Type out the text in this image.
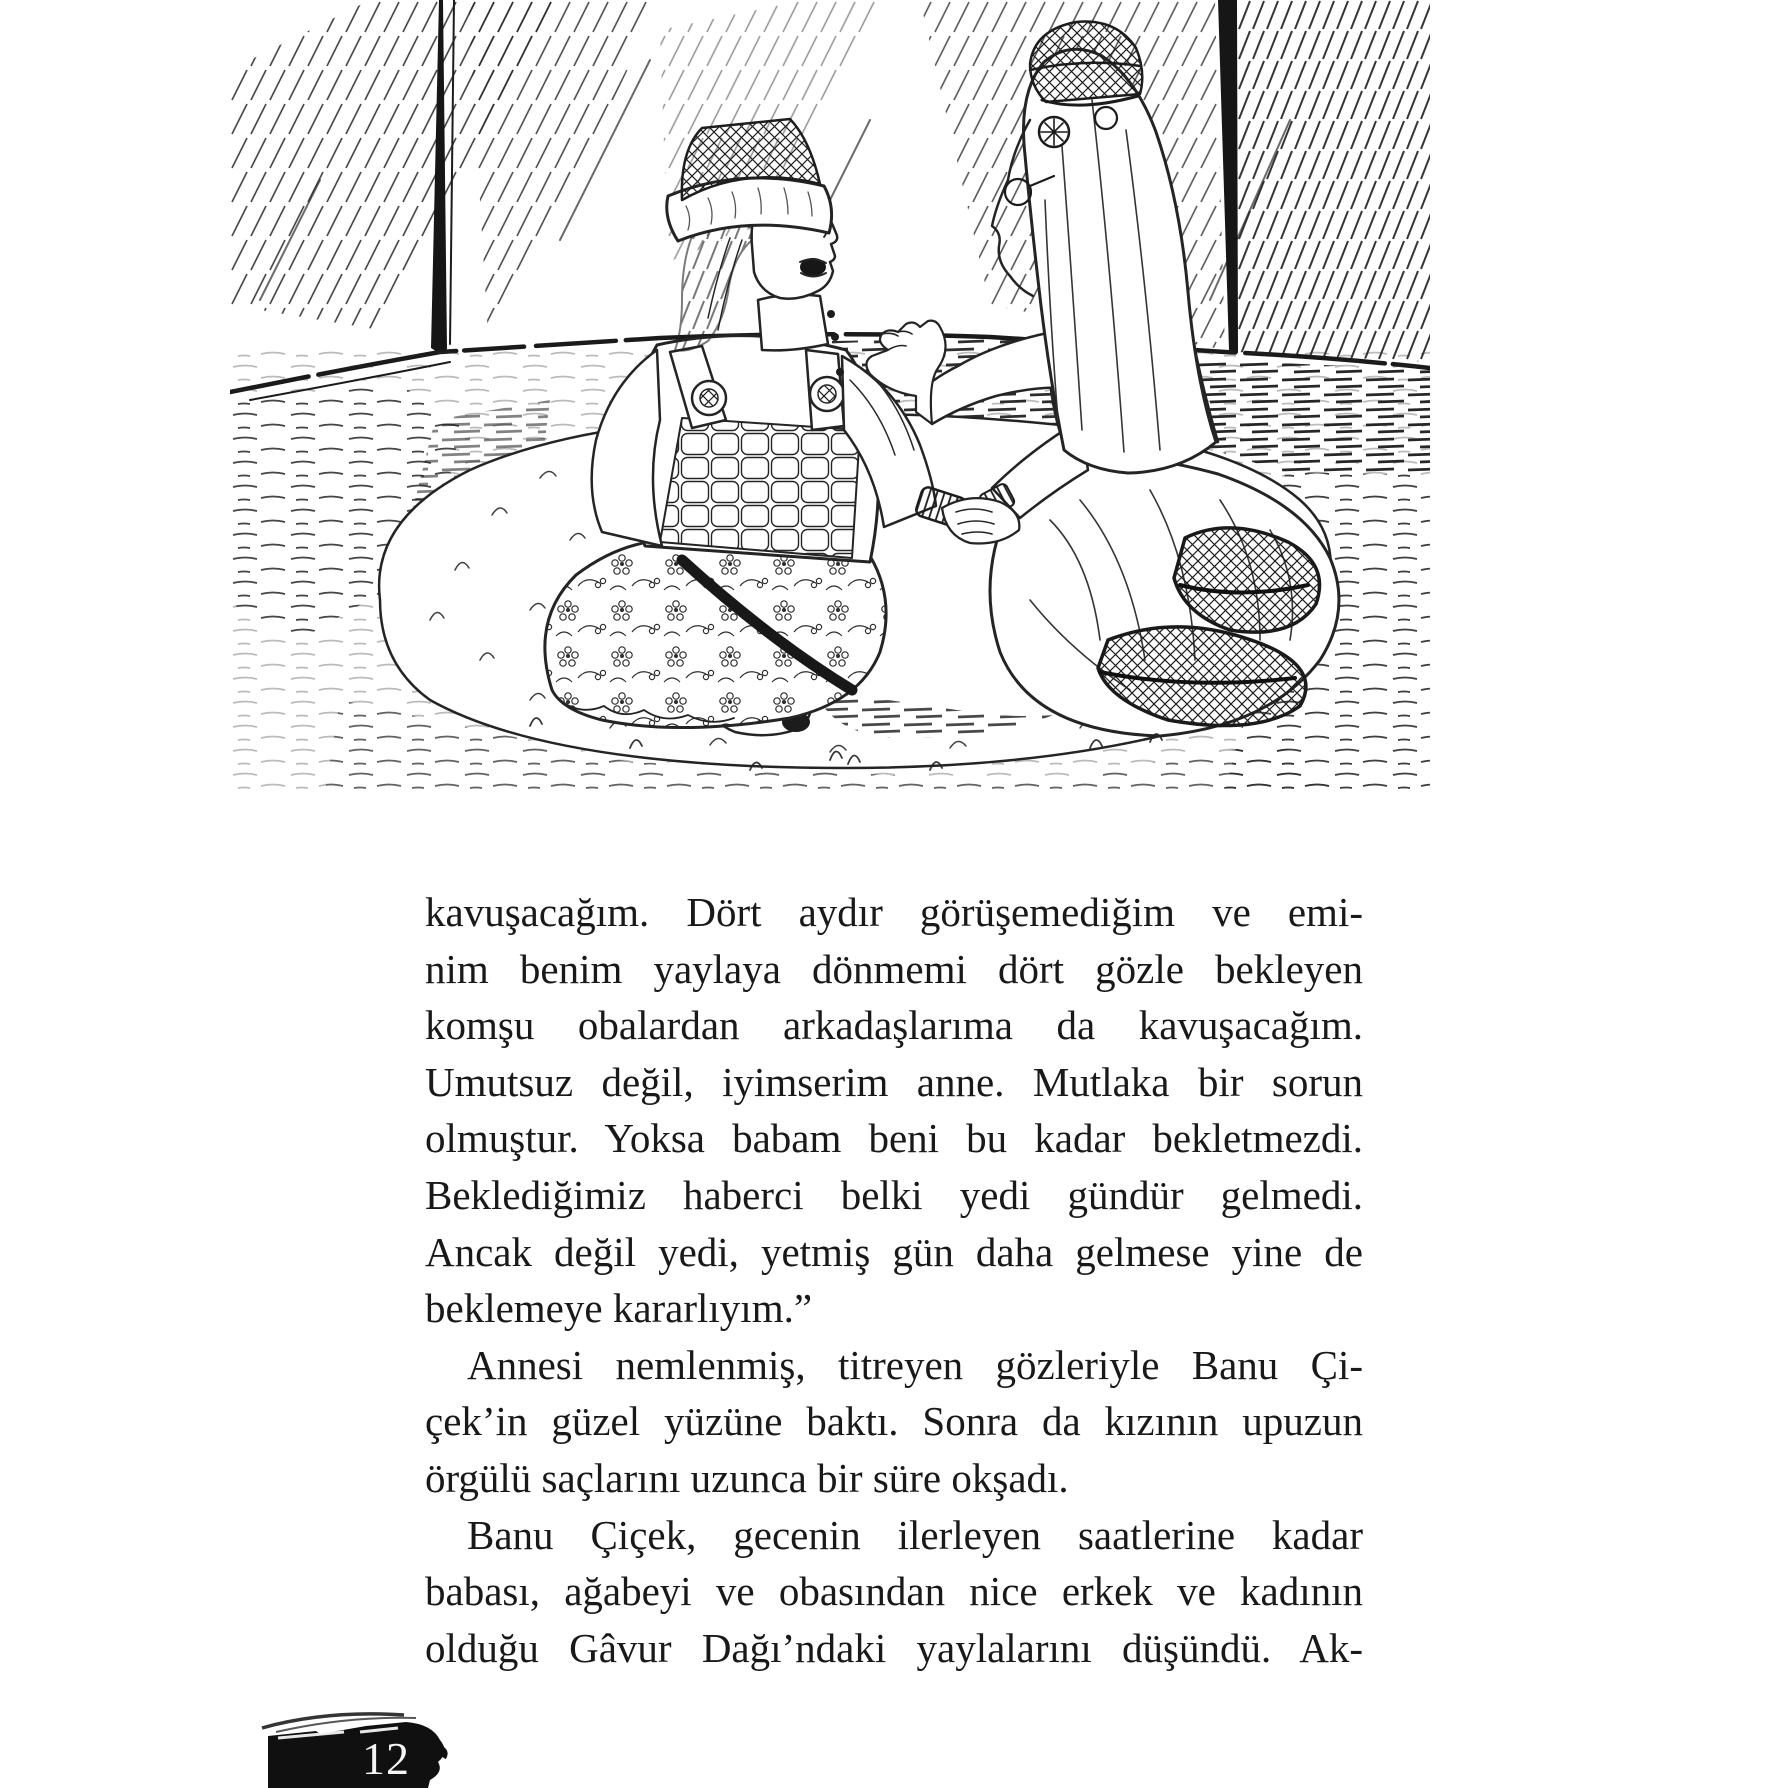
kavuşacağım. Dört aydır görüşemediğim ve emi-

nim benim yaylaya dönmemi dört gözle bekleyen

komşu obalardan arkadaşlarıma da kavuşacağım.

Umutsuz değil, iyimserim anne. Mutlaka bir sorun

olmuştur. Yoksa babam beni bu kadar bekletmezdi.

Beklediğimiz haberci belki yedi gündür gelmedi.

Ancak değil yedi, yetmiş gün daha gelmese yine de

beklemeye kararlıyım.”

Annesi nemlenmiş, titreyen gözleriyle Banu Çi-

çek’in güzel yüzüne baktı. Sonra da kızının upuzun

örgülü saçlarını uzunca bir süre okşadı.

Banu Çiçek, gecenin ilerleyen saatlerine kadar

babası, ağabeyi ve obasından nice erkek ve kadının

olduğu Gâvur Dağı’ndaki yaylalarını düşündü. Ak-

12
